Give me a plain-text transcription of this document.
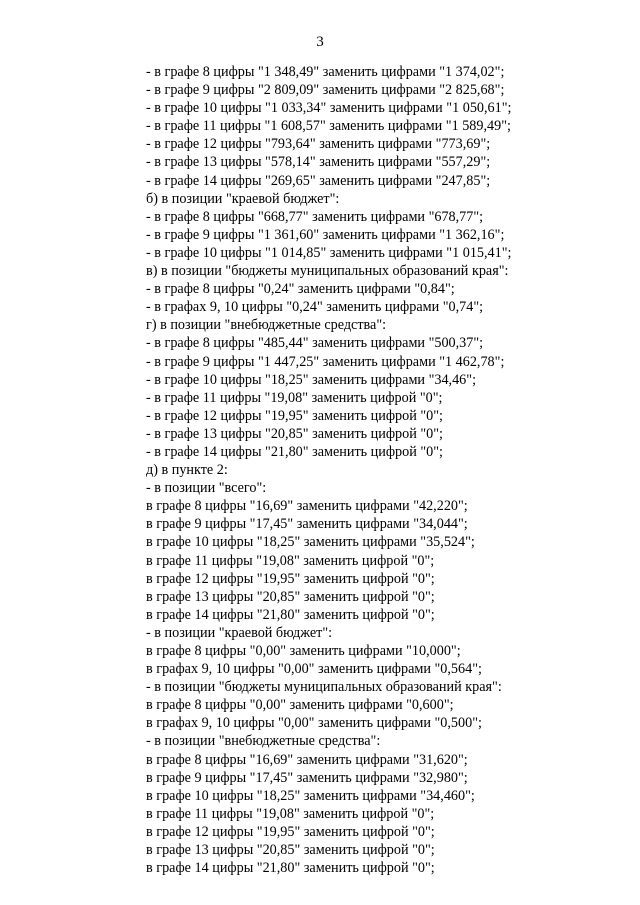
3
- в графе 8 цифры "1 348,49" заменить цифрами "1 374,02";
- в графе 9 цифры "2 809,09" заменить цифрами "2 825,68";
- в графе 10 цифры "1 033,34" заменить цифрами "1 050,61";
- в графе 11 цифры "1 608,57" заменить цифрами "1 589,49";
- в графе 12 цифры "793,64" заменить цифрами "773,69";
- в графе 13 цифры "578,14" заменить цифрами "557,29";
- в графе 14 цифры "269,65" заменить цифрами "247,85";
б) в позиции "краевой бюджет":
- в графе 8 цифры "668,77" заменить цифрами "678,77";
- в графе 9 цифры "1 361,60" заменить цифрами "1 362,16";
- в графе 10 цифры "1 014,85" заменить цифрами "1 015,41";
в) в позиции "бюджеты муниципальных образований края":
- в графе 8 цифры "0,24" заменить цифрами "0,84";
- в графах 9, 10 цифры "0,24" заменить цифрами "0,74";
г) в позиции "внебюджетные средства":
- в графе 8 цифры "485,44" заменить цифрами "500,37";
- в графе 9 цифры "1 447,25" заменить цифрами "1 462,78";
- в графе 10 цифры "18,25" заменить цифрами "34,46";
- в графе 11 цифры "19,08" заменить цифрой "0";
- в графе 12 цифры "19,95" заменить цифрой "0";
- в графе 13 цифры "20,85" заменить цифрой "0";
- в графе 14 цифры "21,80" заменить цифрой "0";
д) в пункте 2:
- в позиции "всего":
в графе 8 цифры "16,69" заменить цифрами "42,220";
в графе 9 цифры "17,45" заменить цифрами "34,044";
в графе 10 цифры "18,25" заменить цифрами "35,524";
в графе 11 цифры "19,08" заменить цифрой "0";
в графе 12 цифры "19,95" заменить цифрой "0";
в графе 13 цифры "20,85" заменить цифрой "0";
в графе 14 цифры "21,80" заменить цифрой "0";
- в позиции "краевой бюджет":
в графе 8 цифры "0,00" заменить цифрами "10,000";
в графах 9, 10 цифры "0,00" заменить цифрами "0,564";
- в позиции "бюджеты муниципальных образований края":
в графе 8 цифры "0,00" заменить цифрами "0,600";
в графах 9, 10 цифры "0,00" заменить цифрами "0,500";
- в позиции "внебюджетные средства":
в графе 8 цифры "16,69" заменить цифрами "31,620";
в графе 9 цифры "17,45" заменить цифрами "32,980";
в графе 10 цифры "18,25" заменить цифрами "34,460";
в графе 11 цифры "19,08" заменить цифрой "0";
в графе 12 цифры "19,95" заменить цифрой "0";
в графе 13 цифры "20,85" заменить цифрой "0";
в графе 14 цифры "21,80" заменить цифрой "0";
